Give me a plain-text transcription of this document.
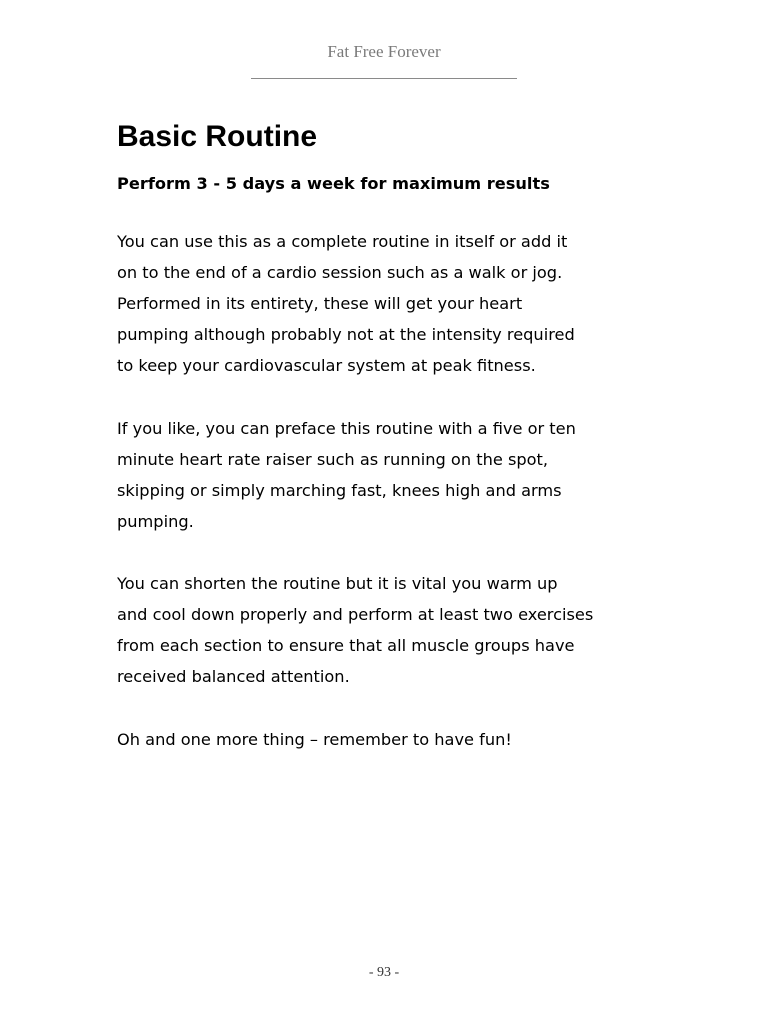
Fat Free Forever
Basic Routine

Perform 3 - 5 days a week for maximum results

You can use this as a complete routine in itself or add it
on to the end of a cardio session such as a walk or jog.
Performed in its entirety, these will get your heart
pumping although probably not at the intensity required
to keep your cardiovascular system at peak fitness.

If you like, you can preface this routine with a five or ten
minute heart rate raiser such as running on the spot,
skipping or simply marching fast, knees high and arms
pumping.

You can shorten the routine but it is vital you warm up
and cool down properly and perform at least two exercises
from each section to ensure that all muscle groups have
received balanced attention.

Oh and one more thing – remember to have fun!

- 93 -
